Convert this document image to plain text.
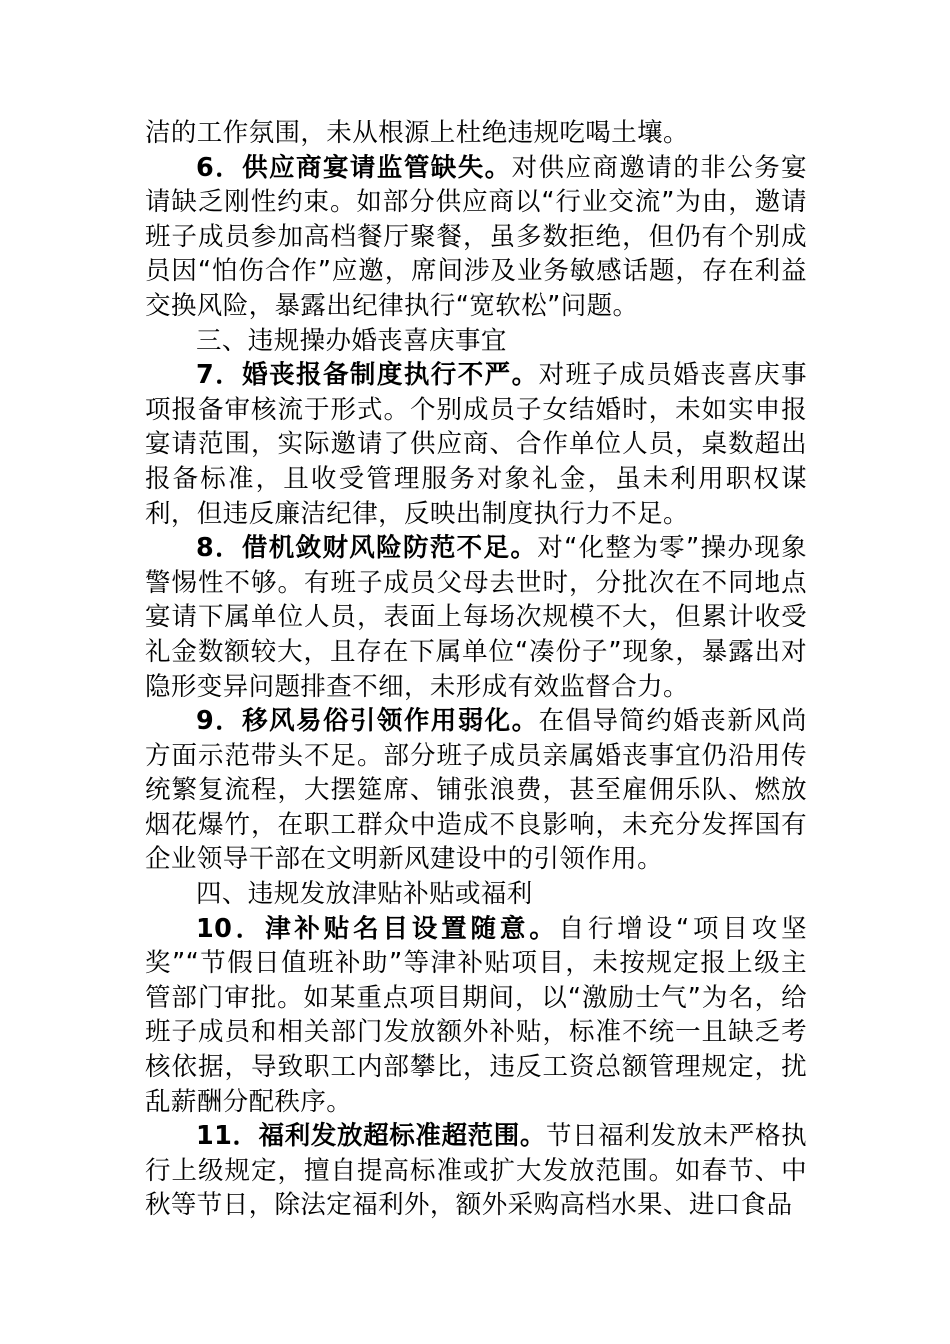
洁的工作氛围，未从根源上杜绝违规吃喝土壤。

6．供应商宴请监管缺失。对供应商邀请的非公务宴请缺乏刚性约束。如部分供应商以“行业交流”为由，邀请班子成员参加高档餐厅聚餐，虽多数拒绝，但仍有个别成员因“怕伤合作”应邀，席间涉及业务敏感话题，存在利益交换风险，暴露出纪律执行“宽软松”问题。

三、违规操办婚丧喜庆事宜

7．婚丧报备制度执行不严。对班子成员婚丧喜庆事项报备审核流于形式。个别成员子女结婚时，未如实申报宴请范围，实际邀请了供应商、合作单位人员，桌数超出报备标准，且收受管理服务对象礼金，虽未利用职权谋利，但违反廉洁纪律，反映出制度执行力不足。

8．借机敛财风险防范不足。对“化整为零”操办现象警惕性不够。有班子成员父母去世时，分批次在不同地点宴请下属单位人员，表面上每场次规模不大，但累计收受礼金数额较大，且存在下属单位“凑份子”现象，暴露出对隐形变异问题排查不细，未形成有效监督合力。

9．移风易俗引领作用弱化。在倡导简约婚丧新风尚方面示范带头不足。部分班子成员亲属婚丧事宜仍沿用传统繁复流程，大摆筵席、铺张浪费，甚至雇佣乐队、燃放烟花爆竹，在职工群众中造成不良影响，未充分发挥国有企业领导干部在文明新风建设中的引领作用。

四、违规发放津贴补贴或福利

10．津补贴名目设置随意。自行增设“项目攻坚奖”“节假日值班补助”等津补贴项目，未按规定报上级主管部门审批。如某重点项目期间，以“激励士气”为名，给班子成员和相关部门发放额外补贴，标准不统一且缺乏考核依据，导致职工内部攀比，违反工资总额管理规定，扰乱薪酬分配秩序。

11．福利发放超标准超范围。节日福利发放未严格执行上级规定，擅自提高标准或扩大发放范围。如春节、中秋等节日，除法定福利外，额外采购高档水果、进口食品
